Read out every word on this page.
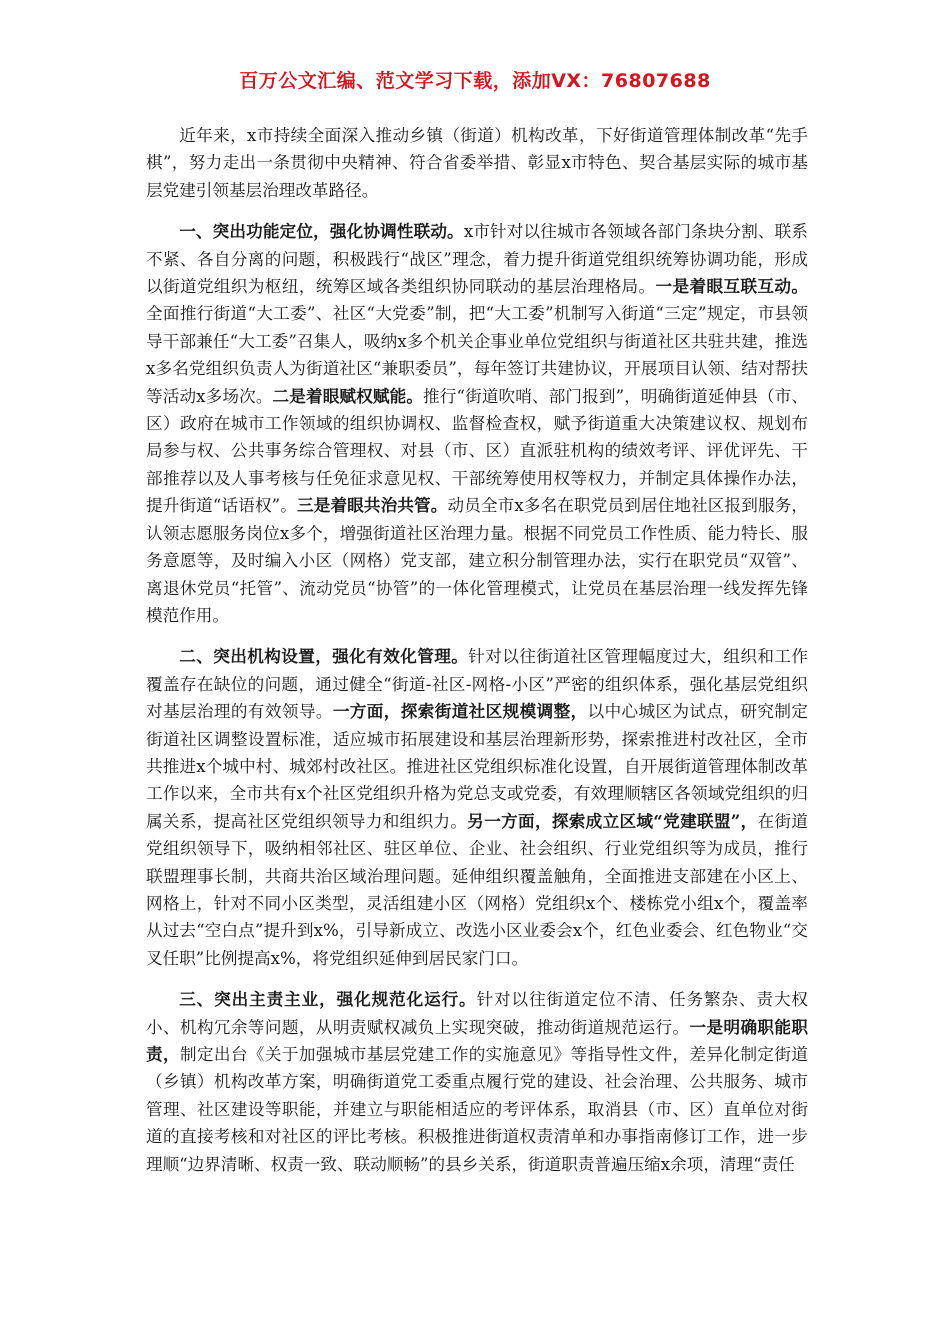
百万公文汇编、范文学习下载，添加VX：76807688

近年来，x市持续全面深入推动乡镇（街道）机构改革，下好街道管理体制改革“先手棋”，努力走出一条贯彻中央精神、符合省委举措、彰显x市特色、契合基层实际的城市基层党建引领基层治理改革路径。

一、突出功能定位，强化协调性联动。x市针对以往城市各领域各部门条块分割、联系不紧、各自分离的问题，积极践行“战区”理念，着力提升街道党组织统筹协调功能，形成以街道党组织为枢纽，统筹区域各类组织协同联动的基层治理格局。一是着眼互联互动。全面推行街道“大工委”、社区“大党委”制，把“大工委”机制写入街道“三定”规定，市县领导干部兼任“大工委”召集人，吸纳x多个机关企事业单位党组织与街道社区共驻共建，推选x多名党组织负责人为街道社区“兼职委员”，每年签订共建协议，开展项目认领、结对帮扶等活动x多场次。二是着眼赋权赋能。推行“街道吹哨、部门报到”，明确街道延伸县（市、区）政府在城市工作领域的组织协调权、监督检查权，赋予街道重大决策建议权、规划布局参与权、公共事务综合管理权、对县（市、区）直派驻机构的绩效考评、评优评先、干部推荐以及人事考核与任免征求意见权、干部统筹使用权等权力，并制定具体操作办法，提升街道“话语权”。三是着眼共治共管。动员全市x多名在职党员到居住地社区报到服务，认领志愿服务岗位x多个，增强街道社区治理力量。根据不同党员工作性质、能力特长、服务意愿等，及时编入小区（网格）党支部，建立积分制管理办法，实行在职党员“双管”、离退休党员“托管”、流动党员“协管”的一体化管理模式，让党员在基层治理一线发挥先锋模范作用。

二、突出机构设置，强化有效化管理。针对以往街道社区管理幅度过大，组织和工作覆盖存在缺位的问题，通过健全“街道-社区-网格-小区”严密的组织体系，强化基层党组织对基层治理的有效领导。一方面，探索街道社区规模调整，以中心城区为试点，研究制定街道社区调整设置标准，适应城市拓展建设和基层治理新形势，探索推进村改社区，全市共推进x个城中村、城郊村改社区。推进社区党组织标准化设置，自开展街道管理体制改革工作以来，全市共有x个社区党组织升格为党总支或党委，有效理顺辖区各领域党组织的归属关系，提高社区党组织领导力和组织力。另一方面，探索成立区域“党建联盟”，在街道党组织领导下，吸纳相邻社区、驻区单位、企业、社会组织、行业党组织等为成员，推行联盟理事长制，共商共治区域治理问题。延伸组织覆盖触角，全面推进支部建在小区上、网格上，针对不同小区类型，灵活组建小区（网格）党组织x个、楼栋党小组x个，覆盖率从过去“空白点”提升到x%，引导新成立、改选小区业委会x个，红色业委会、红色物业“交叉任职”比例提高x%，将党组织延伸到居民家门口。

三、突出主责主业，强化规范化运行。针对以往街道定位不清、任务繁杂、责大权小、机构冗余等问题，从明责赋权减负上实现突破，推动街道规范运行。一是明确职能职责，制定出台《关于加强城市基层党建工作的实施意见》等指导性文件，差异化制定街道（乡镇）机构改革方案，明确街道党工委重点履行党的建设、社会治理、公共服务、城市管理、社区建设等职能，并建立与职能相适应的考评体系，取消县（市、区）直单位对街道的直接考核和对社区的评比考核。积极推进街道权责清单和办事指南修订工作，进一步理顺“边界清晰、权责一致、联动顺畅”的县乡关系，街道职责普遍压缩x余项，清理“责任
